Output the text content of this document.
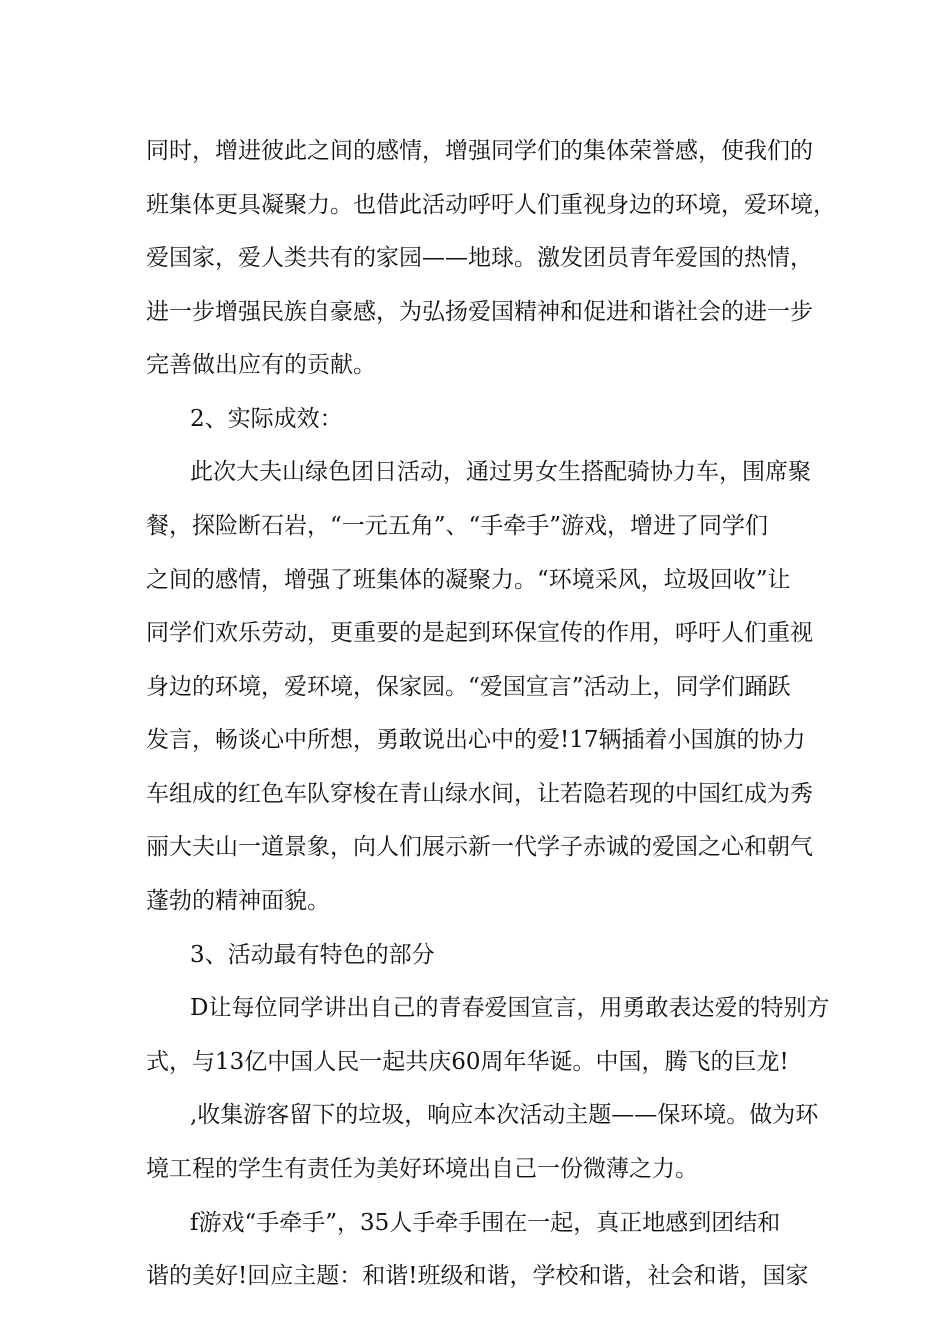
同时，增进彼此之间的感情，增强同学们的集体荣誉感，使我们的
班集体更具凝聚力。也借此活动呼吁人们重视身边的环境，爱环境，
爱国家，爱人类共有的家园——地球。激发团员青年爱国的热情，
进一步增强民族自豪感，为弘扬爱国精神和促进和谐社会的进一步
完善做出应有的贡献。
2、实际成效：
此次大夫山绿色团日活动，通过男女生搭配骑协力车，围席聚
餐，探险断石岩，“一元五角”、“手牵手”游戏，增进了同学们
之间的感情，增强了班集体的凝聚力。“环境采风，垃圾回收”让
同学们欢乐劳动，更重要的是起到环保宣传的作用，呼吁人们重视
身边的环境，爱环境，保家园。“爱国宣言”活动上，同学们踊跃
发言，畅谈心中所想，勇敢说出心中的爱!17辆插着小国旗的协力
车组成的红色车队穿梭在青山绿水间，让若隐若现的中国红成为秀
丽大夫山一道景象，向人们展示新一代学子赤诚的爱国之心和朝气
蓬勃的精神面貌。
3、活动最有特色的部分
D让每位同学讲出自己的青春爱国宣言，用勇敢表达爱的特别方
式，与13亿中国人民一起共庆60周年华诞。中国，腾飞的巨龙!
,收集游客留下的垃圾，响应本次活动主题——保环境。做为环
境工程的学生有责任为美好环境出自己一份微薄之力。
f游戏“手牵手”，35人手牵手围在一起，真正地感到团结和
谐的美好!回应主题：和谐!班级和谐，学校和谐，社会和谐，国家
